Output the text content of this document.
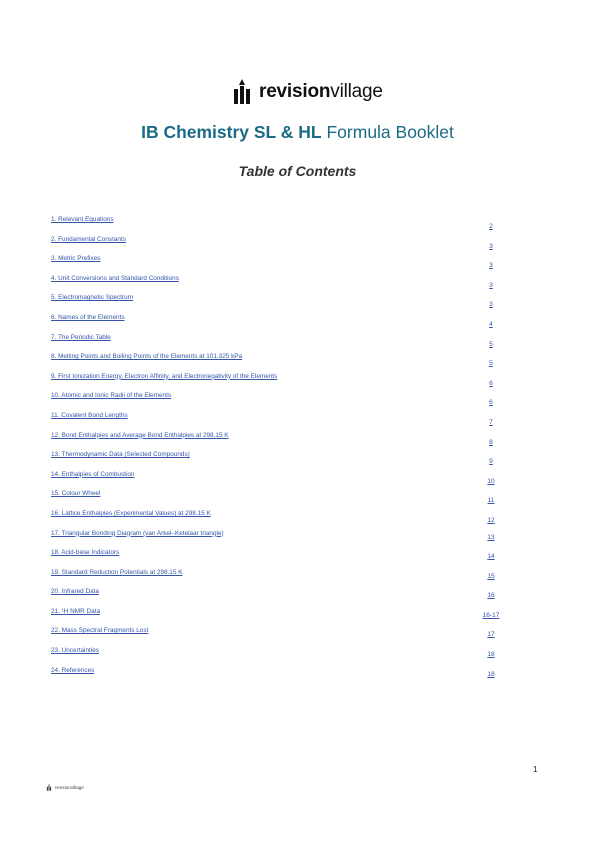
revisionvillage
IB Chemistry SL & HL Formula Booklet
Table of Contents
1. Relevant Equations
2
2. Fundamental Constants
3
3. Metric Prefixes
3
4. Unit Conversions and Standard Conditions
3
5. Electromagnetic Spectrum
3
6. Names of the Elements
4
7. The Periodic Table
5
8. Melting Points and Boiling Points of the Elements at 101.325 kPa
5
9. First Ionization Energy, Electron Affinity, and Electronegativity of the Elements
6
10. Atomic and Ionic Radii of the Elements
6
11. Covalent Bond Lengths
7
12. Bond Enthalpies and Average Bond Enthalpies at 298.15 K
8
13. Thermodynamic Data (Selected Compounds)
9
14. Enthalpies of Combustion
10
15. Colour Wheel
11
16. Lattice Enthalpies (Experimental Values) at 298.15 K
12
17. Triangular Bonding Diagram (van Arkel–Ketelaar triangle)
13
18. Acid-base Indicators
14
19. Standard Reduction Potentials at 298.15 K
15
20. Infrared Data
16
21. ¹H NMR Data
16-17
22. Mass Spectral Fragments Lost
17
23. Uncertainties
18
24. References
18
1
revisionvillage
